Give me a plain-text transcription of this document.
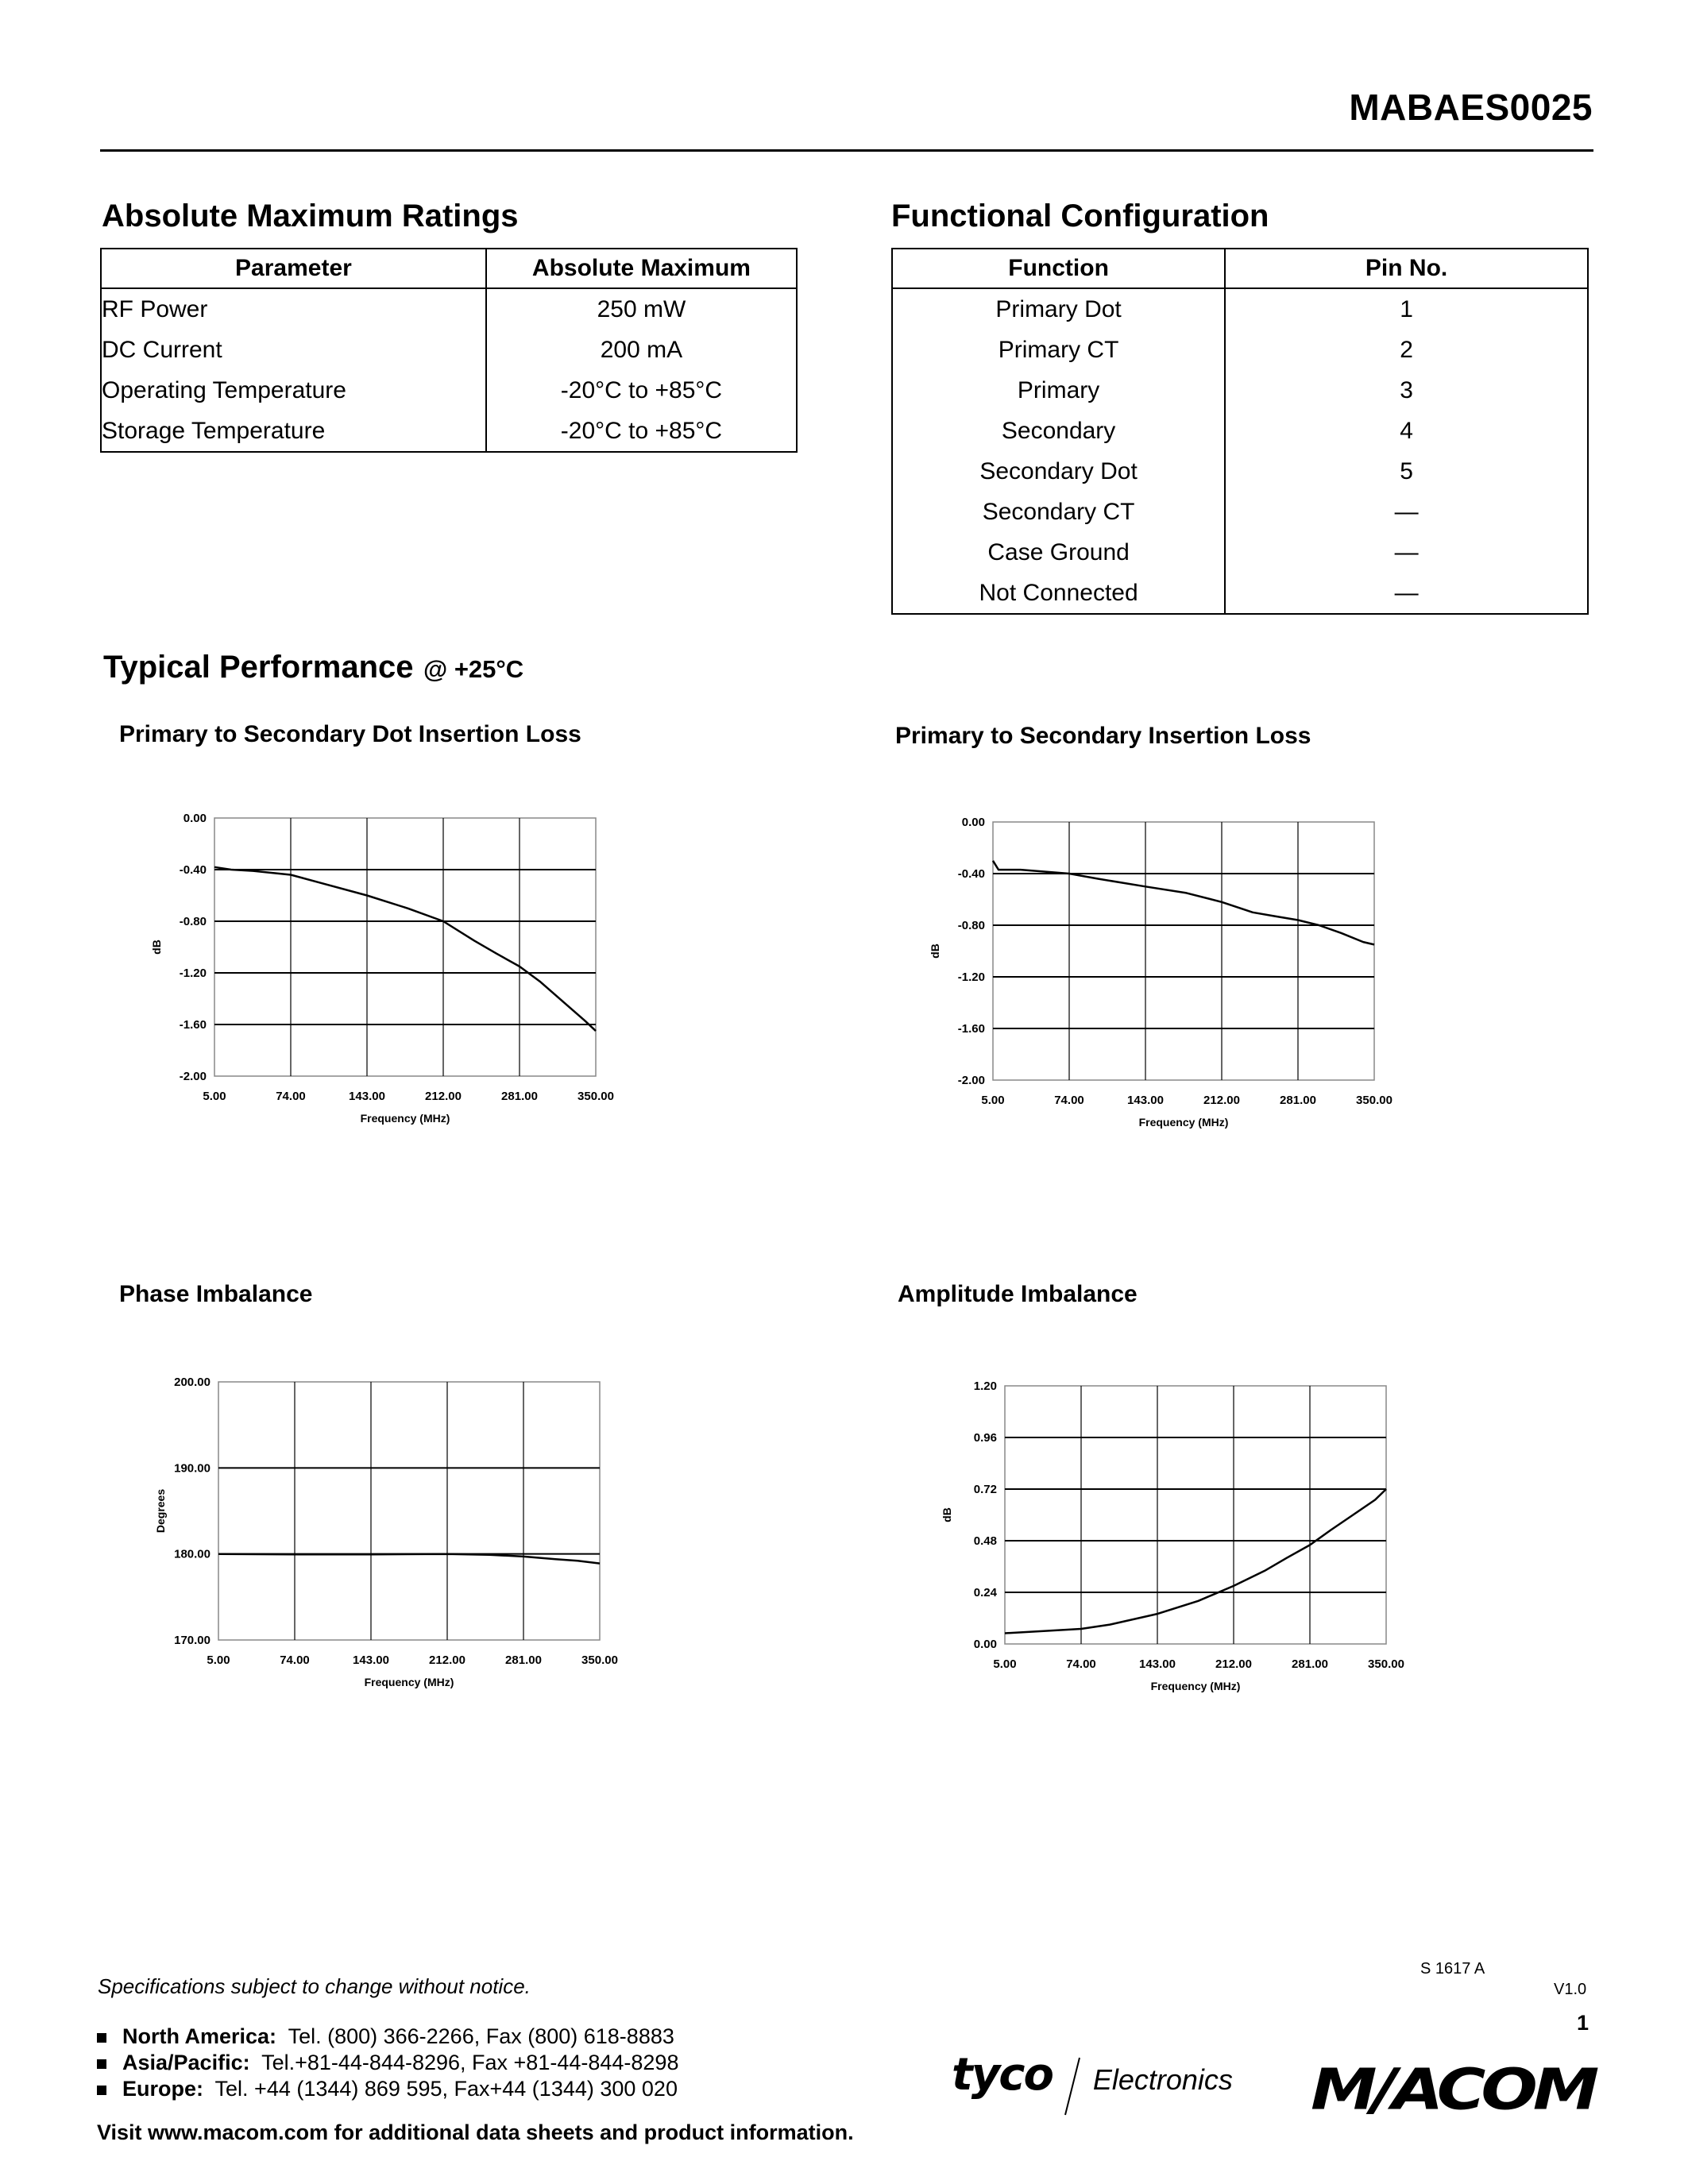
MABAES0025
Absolute Maximum Ratings
Parameter	Absolute Maximum
RF Power	250 mW
DC Current	200 mA
Operating Temperature	-20°C to +85°C
Storage Temperature	-20°C to +85°C
Functional Configuration
Function	Pin No.
Primary Dot	1
Primary CT	2
Primary	3
Secondary	4
Secondary Dot	5
Secondary CT	—
Case Ground	—
Not Connected	—
Typical Performance @ +25°C
Primary to Secondary Dot Insertion Loss	Primary to Secondary Insertion Loss
Phase Imbalance	Amplitude Imbalance
5.00	74.00	143.00	212.00	281.00	350.00
0.00
-0.40
-0.80
-1.20
-1.60
-2.00
Frequency (MHz)
dB
5.00	74.00	143.00	212.00	281.00	350.00
0.00
-0.40
-0.80
-1.20
-1.60
-2.00
Frequency (MHz)
dB
5.00	74.00	143.00	212.00	281.00	350.00
200.00
190.00
180.00
170.00
Frequency (MHz)
Degrees
5.00	74.00	143.00	212.00	281.00	350.00
1.20
0.96
0.72
0.48
0.24
0.00
Frequency (MHz)
dB
Specifications subject to change without notice.
S 1617 A
V1.0
1
North America: Tel. (800) 366-2266, Fax (800) 618-8883
Asia/Pacific: Tel.+81-44-844-8296, Fax +81-44-844-8298
Europe: Tel. +44 (1344) 869 595, Fax+44 (1344) 300 020
Visit www.macom.com for additional data sheets and product information.
tyco Electronics M/ACOM
